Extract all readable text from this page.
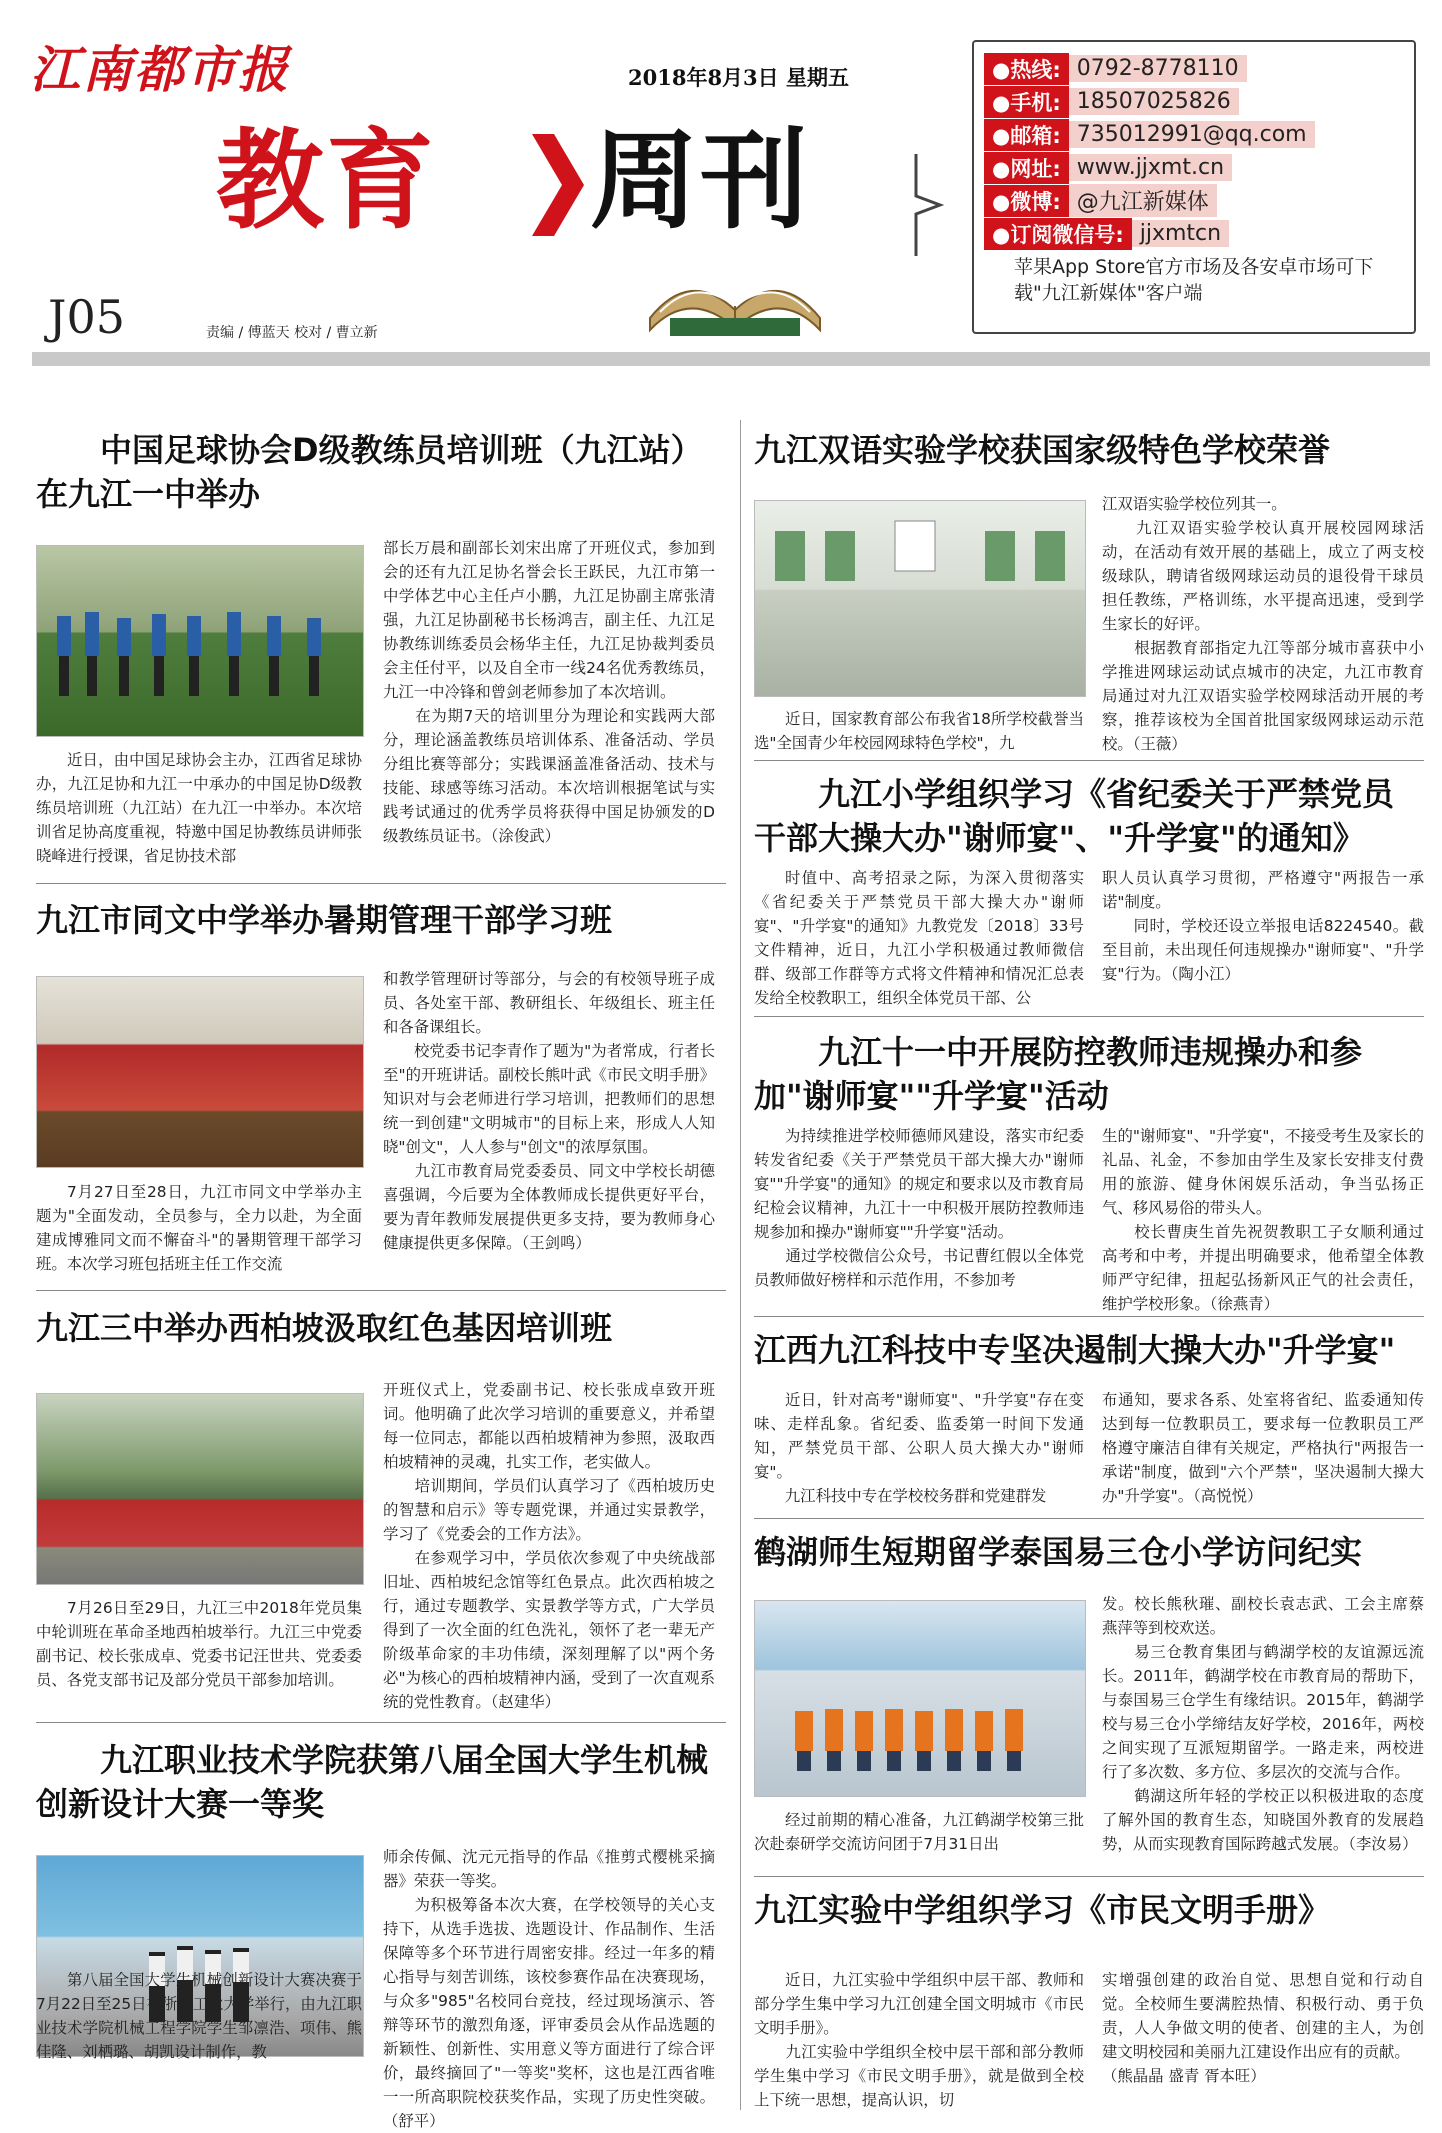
江南都市报	2018年8月3日 星期五
教育 周刊
J05	责编 / 傅蓝天 校对 / 曹立新
●热线: 0792-8778110
●手机: 18507025826
●邮箱: 735012991@qq.com
●网址: www.jjxmt.cn
●微博: @九江新媒体
●订阅微信号: jjxmtcn
苹果App Store官方市场及各安卓市场可下载"九江新媒体"客户端
中国足球协会D级教练员培训班（九江站）在九江一中举办
近日，由中国足球协会主办，江西省足球协办，九江足协和九江一中承办的中国足协D级教练员培训班（九江站）在九江一中举办。本次培训省足协高度重视，特邀中国足协教练员讲师张晓峰进行授课，省足协技术部
部长万晨和副部长刘宋出席了开班仪式，参加到会的还有九江足协名誉会长王跃民，九江市第一中学体艺中心主任卢小鹏，九江足协副主席张清强，九江足协副秘书长杨鸿吉，副主任、九江足协教练训练委员会杨华主任，九江足协裁判委员会主任付平，以及自全市一线24名优秀教练员，九江一中冷锋和曾剑老师参加了本次培训。
　　在为期7天的培训里分为理论和实践两大部分，理论涵盖教练员培训体系、准备活动、学员分组比赛等部分；实践课涵盖准备活动、技术与技能、球感等练习活动。本次培训根据笔试与实践考试通过的优秀学员将获得中国足协颁发的D级教练员证书。（涂俊武）
九江市同文中学举办暑期管理干部学习班
7月27日至28日，九江市同文中学举办主题为"全面发动，全员参与，全力以赴，为全面建成博雅同文而不懈奋斗"的暑期管理干部学习班。本次学习班包括班主任工作交流
和教学管理研讨等部分，与会的有校领导班子成员、各处室干部、教研组长、年级组长、班主任和各备课组长。
　　校党委书记李青作了题为"为者常成，行者长至"的开班讲话。副校长熊叶武《市民文明手册》知识对与会老师进行学习培训，把教师们的思想统一到创建"文明城市"的目标上来，形成人人知晓"创文"，人人参与"创文"的浓厚氛围。
　　九江市教育局党委委员、同文中学校长胡德喜强调，今后要为全体教师成长提供更好平台，要为青年教师发展提供更多支持，要为教师身心健康提供更多保障。（王剑鸣）
九江三中举办西柏坡汲取红色基因培训班
7月26日至29日，九江三中2018年党员集中轮训班在革命圣地西柏坡举行。九江三中党委副书记、校长张成卓、党委书记汪世共、党委委员、各党支部书记及部分党员干部参加培训。
开班仪式上，党委副书记、校长张成卓致开班词。他明确了此次学习培训的重要意义，并希望每一位同志，都能以西柏坡精神为参照，汲取西柏坡精神的灵魂，扎实工作，老实做人。
　　培训期间，学员们认真学习了《西柏坡历史的智慧和启示》等专题党课，并通过实景教学，学习了《党委会的工作方法》。
　　在参观学习中，学员依次参观了中央统战部旧址、西柏坡纪念馆等红色景点。此次西柏坡之行，通过专题教学、实景教学等方式，广大学员得到了一次全面的红色洗礼，领怀了老一辈无产阶级革命家的丰功伟绩，深刻理解了以"两个务必"为核心的西柏坡精神内涵，受到了一次直观系统的党性教育。（赵建华）
九江职业技术学院获第八届全国大学生机械创新设计大赛一等奖
第八届全国大学生机械创新设计大赛决赛于7月22日至25日在浙江工业大学举行，由九江职业技术学院机械工程学院学生邹凛浩、项伟、熊佳隆、刘栖璐、胡凯设计制作，教
师余传佩、沈元元指导的作品《推剪式樱桃采摘器》荣获一等奖。
　　为积极筹备本次大赛，在学校领导的关心支持下，从选手选拔、选题设计、作品制作、生活保障等多个环节进行周密安排。经过一年多的精心指导与刻苦训练，该校参赛作品在决赛现场，与众多"985"名校同台竞技，经过现场演示、答辩等环节的激烈角逐，评审委员会从作品选题的新颖性、创新性、实用意义等方面进行了综合评价，最终摘回了"一等奖"奖杯，这也是江西省唯一一所高职院校获奖作品，实现了历史性突破。（舒平）
九江双语实验学校获国家级特色学校荣誉
近日，国家教育部公布我省18所学校截誉当选"全国青少年校园网球特色学校"，九
江双语实验学校位列其一。
　　九江双语实验学校认真开展校园网球活动，在活动有效开展的基础上，成立了两支校级球队，聘请省级网球运动员的退役骨干球员担任教练，严格训练，水平提高迅速，受到学生家长的好评。
　　根据教育部指定九江等部分城市喜获中小学推进网球运动试点城市的决定，九江市教育局通过对九江双语实验学校网球活动开展的考察，推荐该校为全国首批国家级网球运动示范校。（王薇）
九江小学组织学习《省纪委关于严禁党员干部大操大办"谢师宴"、"升学宴"的通知》
时值中、高考招录之际，为深入贯彻落实《省纪委关于严禁党员干部大操大办"谢师宴"、"升学宴"的通知》九教党发〔2018〕33号文件精神，近日，九江小学积极通过教师微信群、级部工作群等方式将文件精神和情况汇总表发给全校教职工，组织全体党员干部、公
职人员认真学习贯彻，严格遵守"两报告一承诺"制度。
　　同时，学校还设立举报电话8224540。截至目前，未出现任何违规操办"谢师宴"、"升学宴"行为。（陶小江）
九江十一中开展防控教师违规操办和参加"谢师宴""升学宴"活动
为持续推进学校师德师风建设，落实市纪委转发省纪委《关于严禁党员干部大操大办"谢师宴""升学宴"的通知》的规定和要求以及市教育局纪检会议精神，九江十一中积极开展防控教师违规参加和操办"谢师宴""升学宴"活动。
　　通过学校微信公众号，书记曹红假以全体党员教师做好榜样和示范作用，不参加考
生的"谢师宴"、"升学宴"，不接受考生及家长的礼品、礼金，不参加由学生及家长安排支付费用的旅游、健身休闲娱乐活动，争当弘扬正气、移风易俗的带头人。
　　校长曹庚生首先祝贺教职工子女顺利通过高考和中考，并提出明确要求，他希望全体教师严守纪律，扭起弘扬新风正气的社会责任，维护学校形象。（徐燕青）
江西九江科技中专坚决遏制大操大办"升学宴"
近日，针对高考"谢师宴"、"升学宴"存在变味、走样乱象。省纪委、监委第一时间下发通知，严禁党员干部、公职人员大操大办"谢师宴"。
　　九江科技中专在学校校务群和党建群发
布通知，要求各系、处室将省纪、监委通知传达到每一位教职员工，要求每一位教职员工严格遵守廉洁自律有关规定，严格执行"两报告一承诺"制度，做到"六个严禁"，坚决遏制大操大办"升学宴"。（高悦悦）
鹤湖师生短期留学泰国易三仓小学访问纪实
经过前期的精心准备，九江鹤湖学校第三批次赴泰研学交流访问团于7月31日出
发。校长熊秋璀、副校长袁志武、工会主席蔡燕萍等到校欢送。
　　易三仓教育集团与鹤湖学校的友谊源远流长。2011年，鹤湖学校在市教育局的帮助下，与泰国易三仓学生有缘结识。2015年，鹤湖学校与易三仓小学缔结友好学校，2016年，两校之间实现了互派短期留学。一路走来，两校进行了多次数、多方位、多层次的交流与合作。
　　鹤湖这所年轻的学校正以积极进取的态度了解外国的教育生态，知晓国外教育的发展趋势，从而实现教育国际跨越式发展。（李汝易）
九江实验中学组织学习《市民文明手册》
近日，九江实验中学组织中层干部、教师和部分学生集中学习九江创建全国文明城市《市民文明手册》。
　　九江实验中学组织全校中层干部和部分教师学生集中学习《市民文明手册》，就是做到全校上下统一思想，提高认识，切
实增强创建的政治自觉、思想自觉和行动自觉。全校师生要满腔热情、积极行动、勇于负责，人人争做文明的使者、创建的主人，为创建文明校园和美丽九江建设作出应有的贡献。
（熊晶晶 盛青 胥本旺）
